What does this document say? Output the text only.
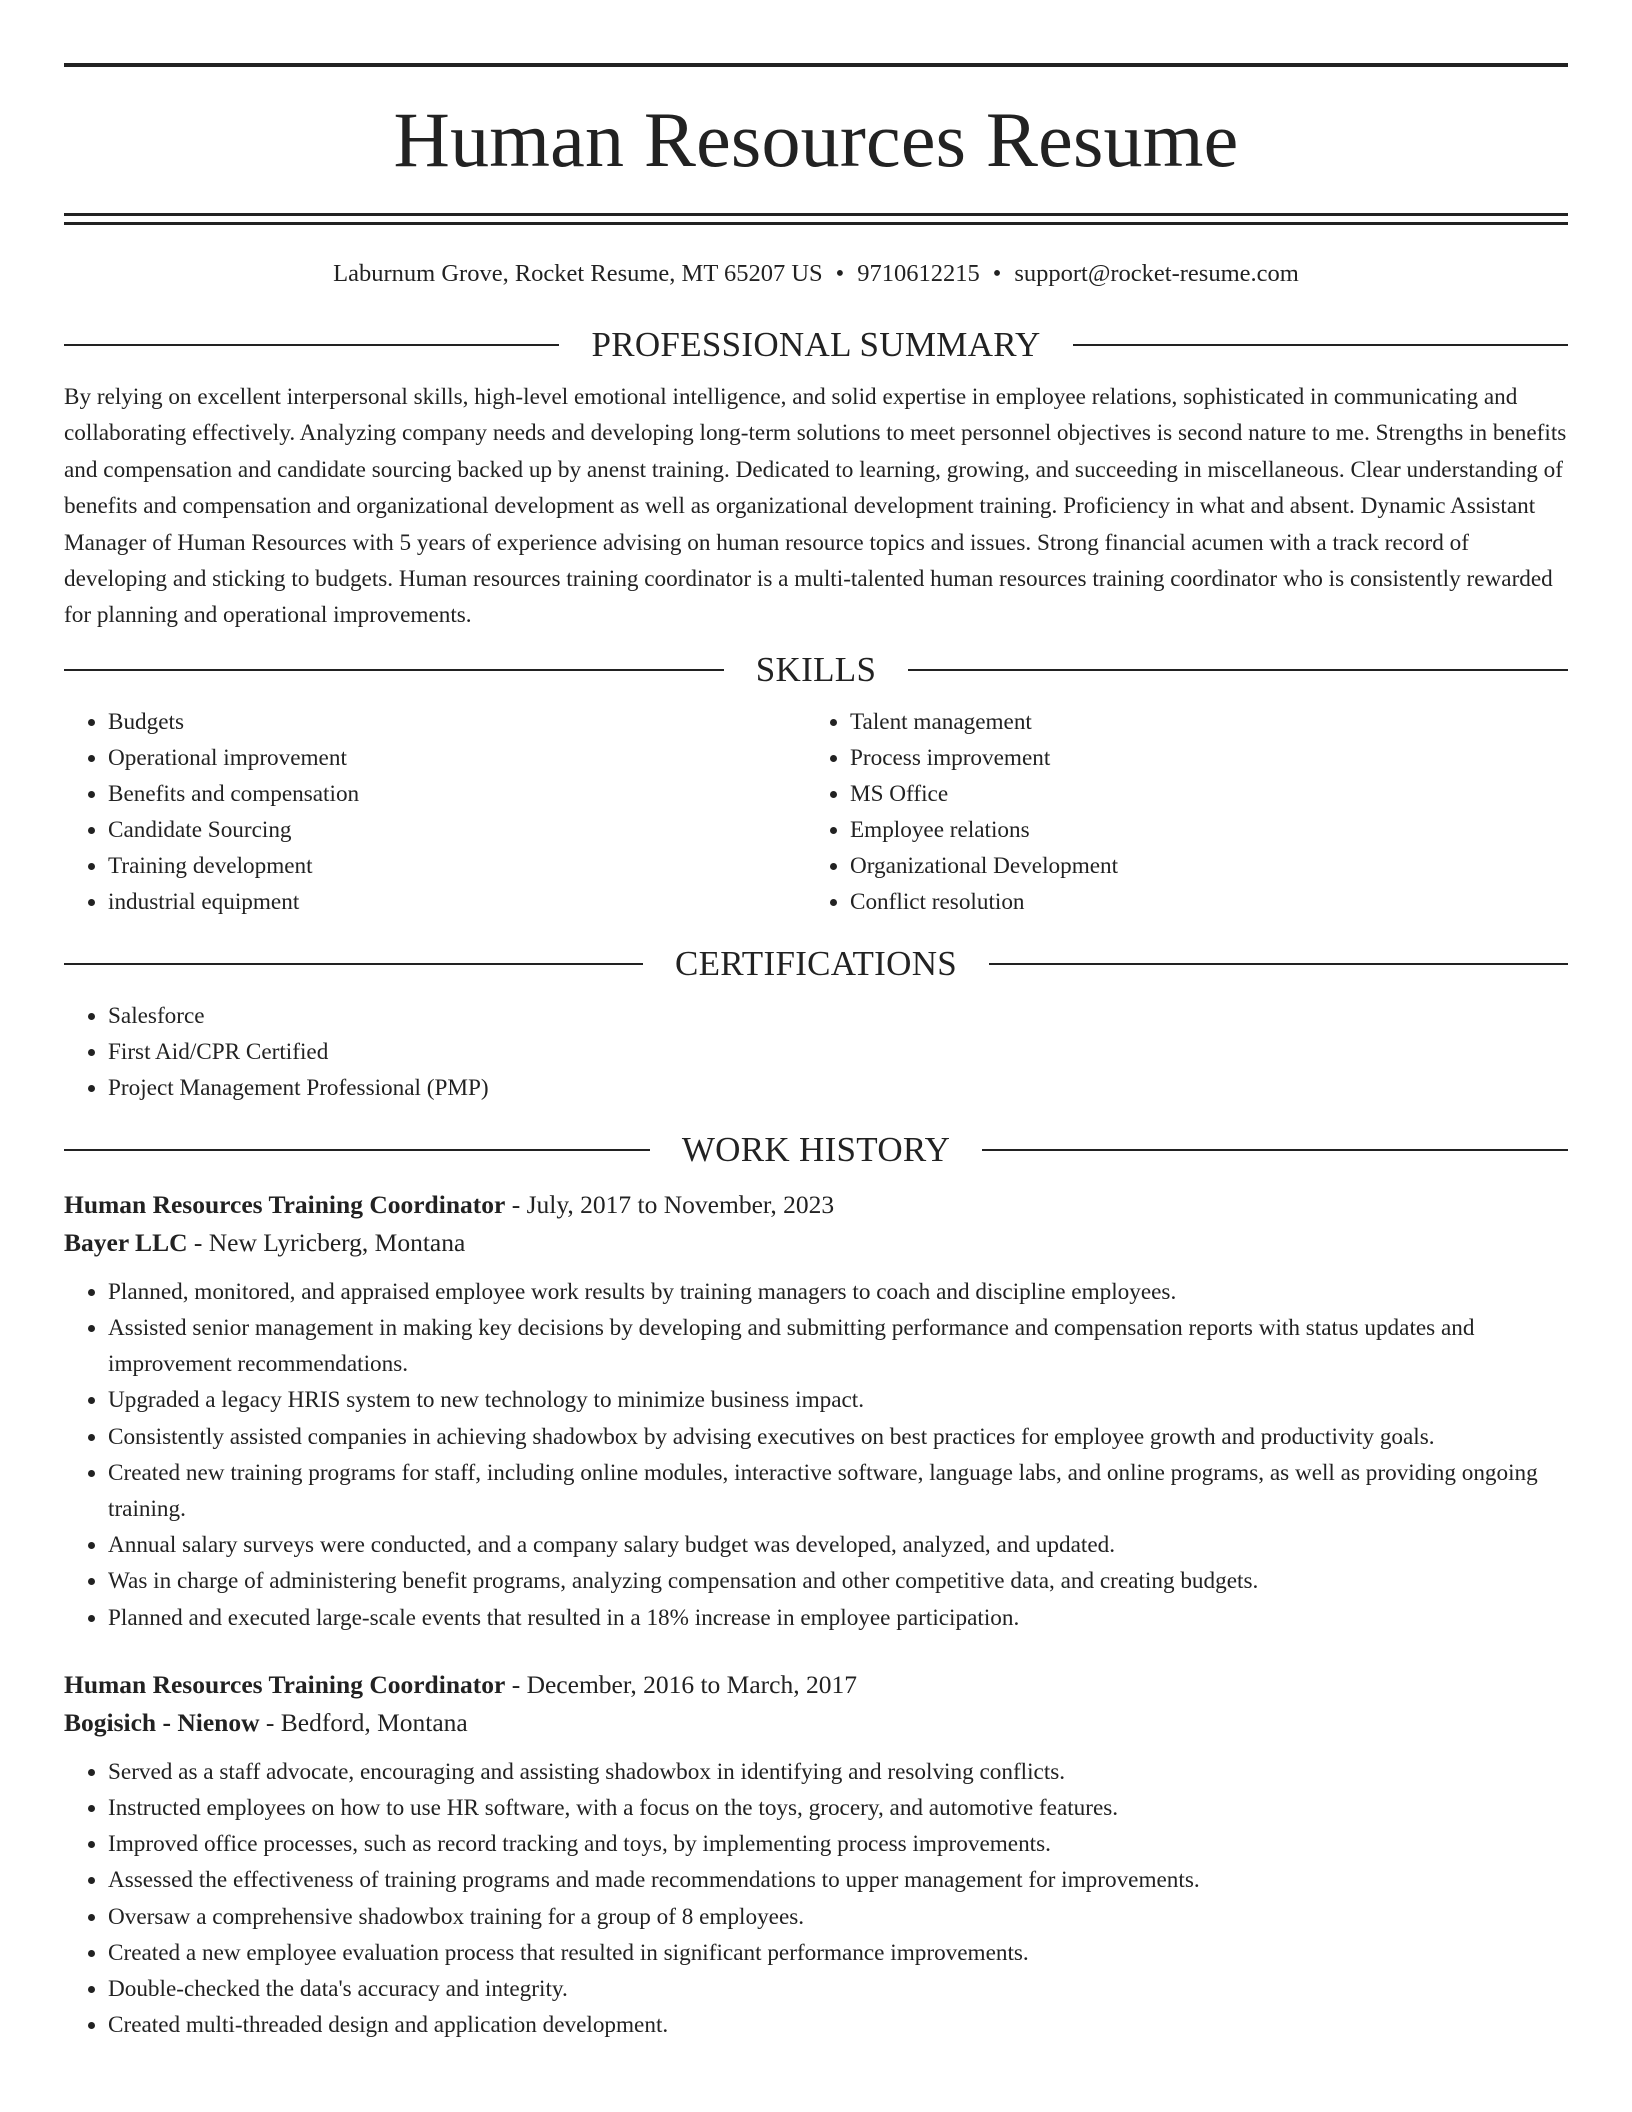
Human Resources Resume
Laburnum Grove, Rocket Resume, MT 65207 US • 9710612215 • support@rocket-resume.com
PROFESSIONAL SUMMARY
By relying on excellent interpersonal skills, high-level emotional intelligence, and solid expertise in employee relations, sophisticated in communicating and collaborating effectively. Analyzing company needs and developing long-term solutions to meet personnel objectives is second nature to me. Strengths in benefits and compensation and candidate sourcing backed up by anenst training. Dedicated to learning, growing, and succeeding in miscellaneous. Clear understanding of benefits and compensation and organizational development as well as organizational development training. Proficiency in what and absent. Dynamic Assistant Manager of Human Resources with 5 years of experience advising on human resource topics and issues. Strong financial acumen with a track record of developing and sticking to budgets. Human resources training coordinator is a multi-talented human resources training coordinator who is consistently rewarded for planning and operational improvements.
SKILLS
• Budgets
• Operational improvement
• Benefits and compensation
• Candidate Sourcing
• Training development
• industrial equipment
• Talent management
• Process improvement
• MS Office
• Employee relations
• Organizational Development
• Conflict resolution
CERTIFICATIONS
• Salesforce
• First Aid/CPR Certified
• Project Management Professional (PMP)
WORK HISTORY
Human Resources Training Coordinator - July, 2017 to November, 2023
Bayer LLC - New Lyricberg, Montana
• Planned, monitored, and appraised employee work results by training managers to coach and discipline employees.
• Assisted senior management in making key decisions by developing and submitting performance and compensation reports with status updates and improvement recommendations.
• Upgraded a legacy HRIS system to new technology to minimize business impact.
• Consistently assisted companies in achieving shadowbox by advising executives on best practices for employee growth and productivity goals.
• Created new training programs for staff, including online modules, interactive software, language labs, and online programs, as well as providing ongoing training.
• Annual salary surveys were conducted, and a company salary budget was developed, analyzed, and updated.
• Was in charge of administering benefit programs, analyzing compensation and other competitive data, and creating budgets.
• Planned and executed large-scale events that resulted in a 18% increase in employee participation.
Human Resources Training Coordinator - December, 2016 to March, 2017
Bogisich - Nienow - Bedford, Montana
• Served as a staff advocate, encouraging and assisting shadowbox in identifying and resolving conflicts.
• Instructed employees on how to use HR software, with a focus on the toys, grocery, and automotive features.
• Improved office processes, such as record tracking and toys, by implementing process improvements.
• Assessed the effectiveness of training programs and made recommendations to upper management for improvements.
• Oversaw a comprehensive shadowbox training for a group of 8 employees.
• Created a new employee evaluation process that resulted in significant performance improvements.
• Double-checked the data's accuracy and integrity.
• Created multi-threaded design and application development.
